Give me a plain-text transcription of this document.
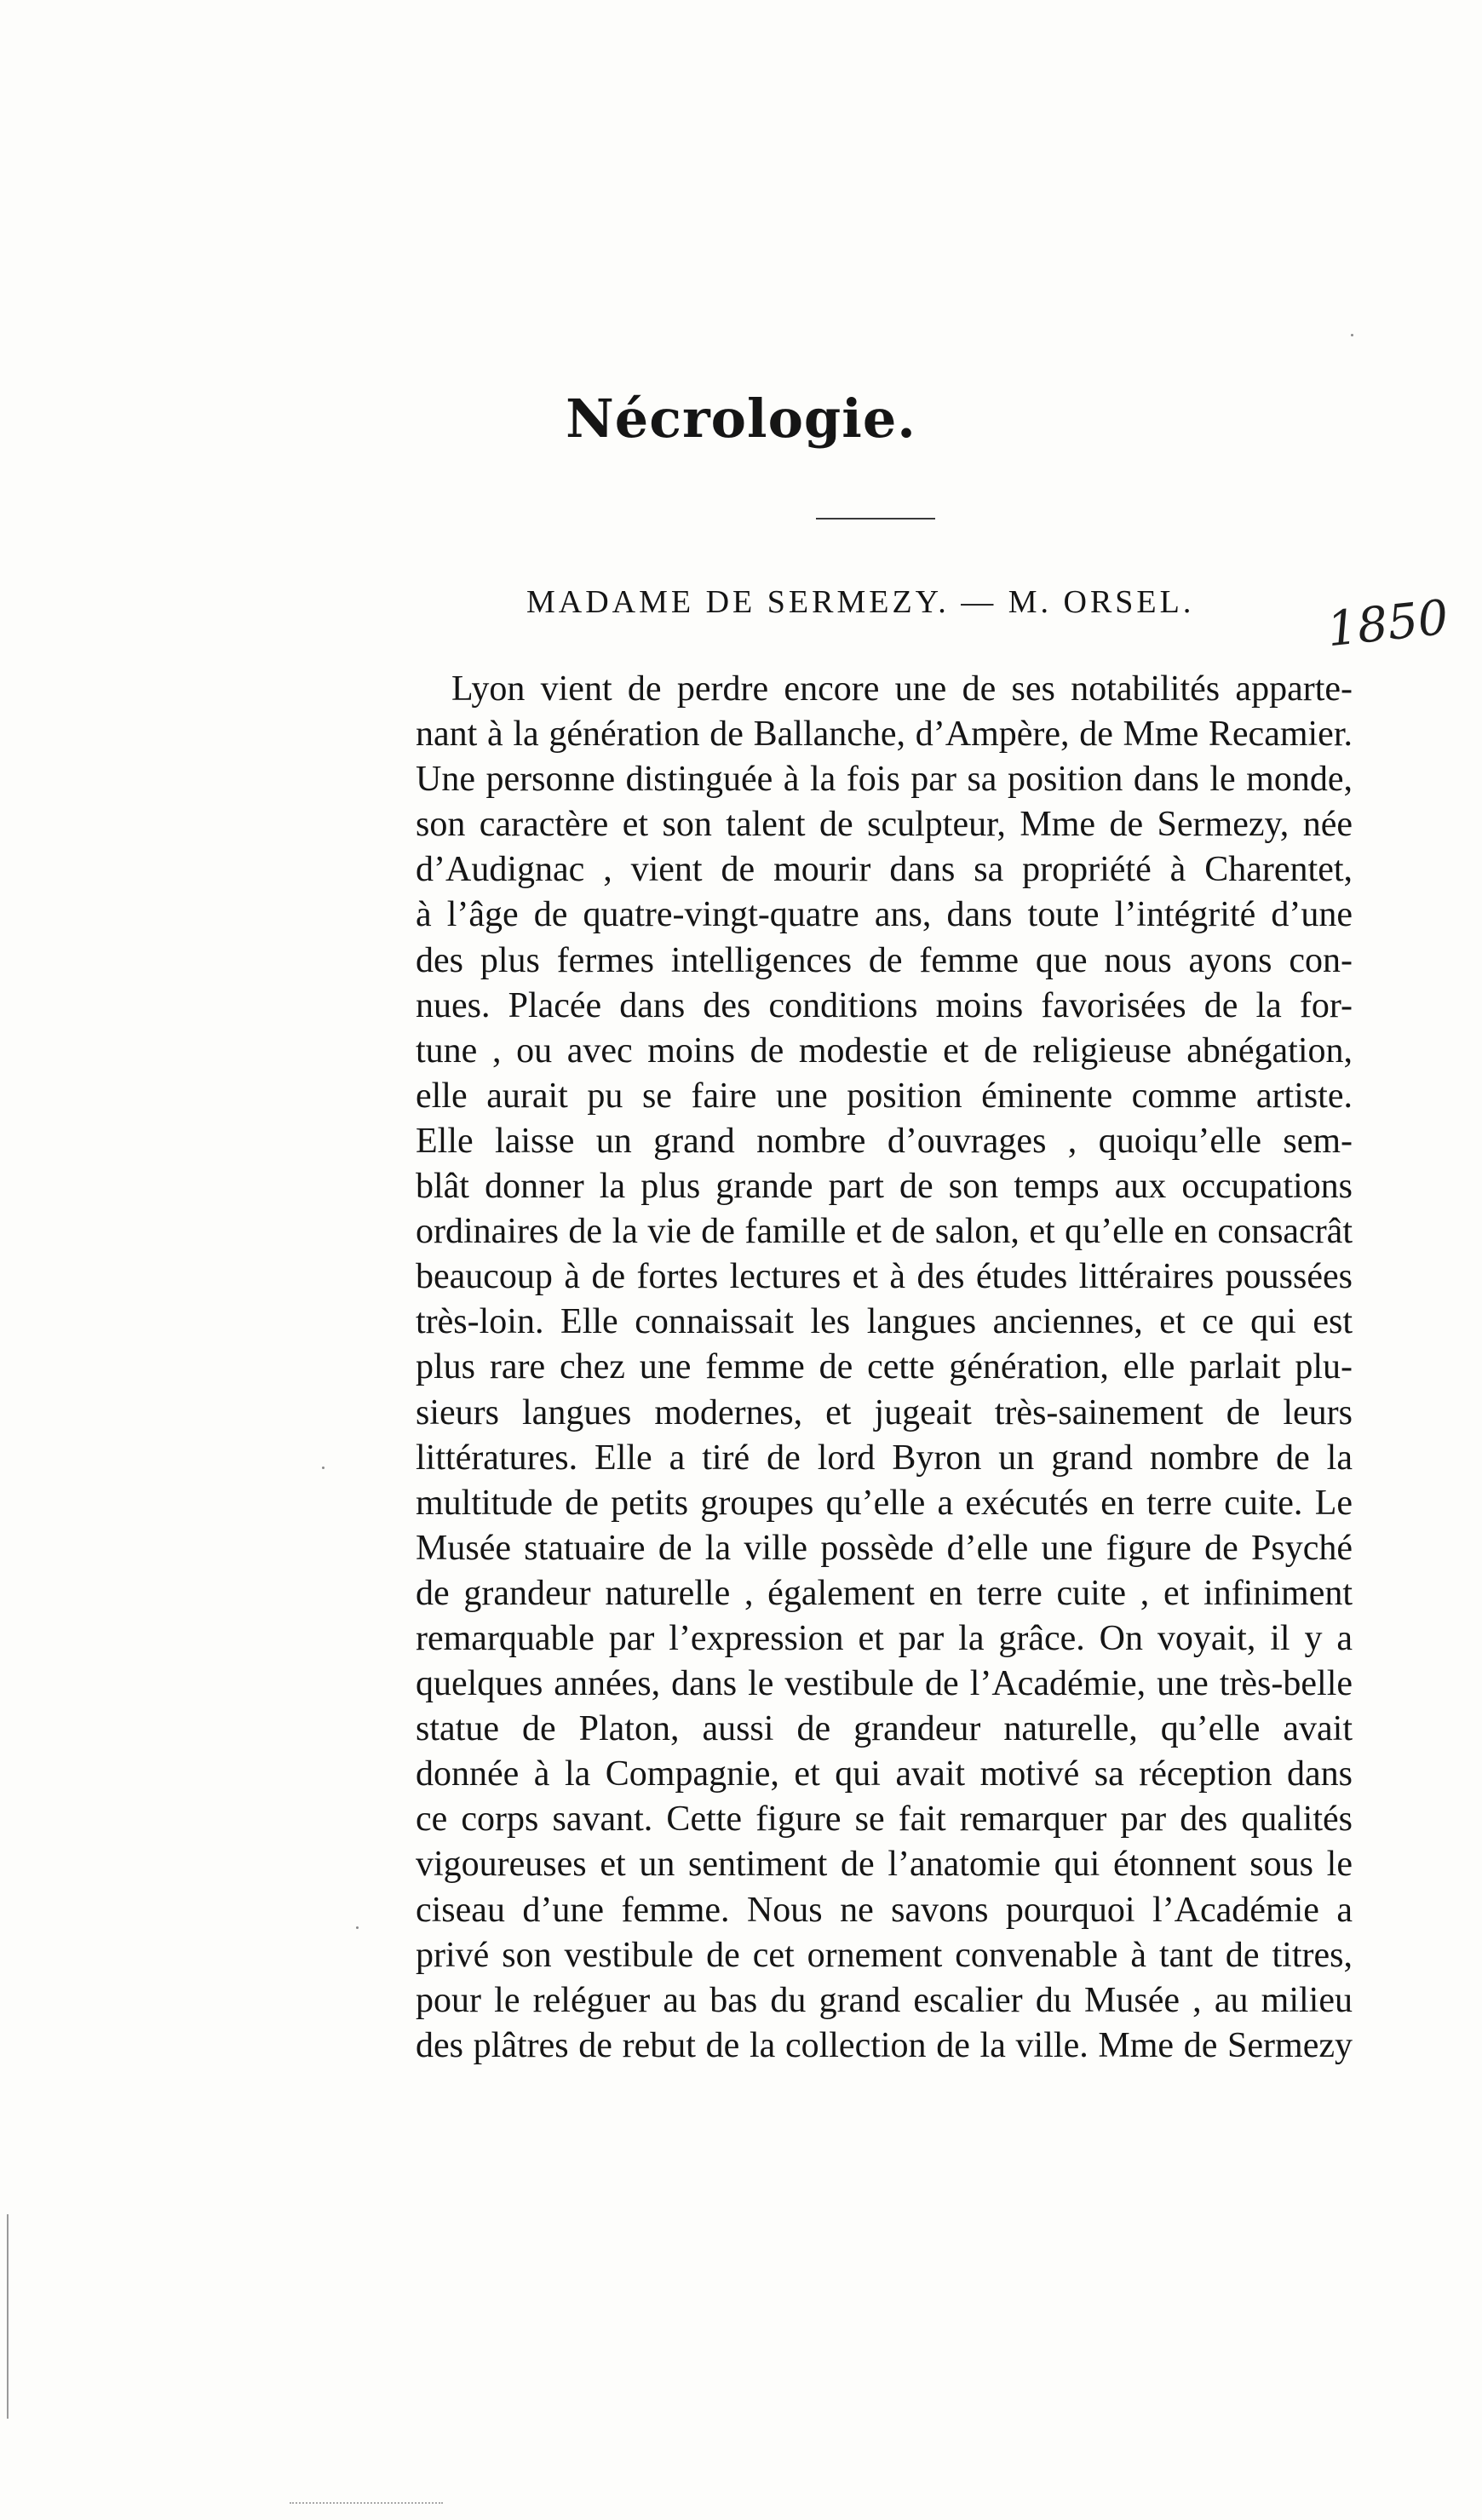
Nécrologie.
MADAME DE SERMEZY. — M. ORSEL.	1850
Lyon vient de perdre encore une de ses notabilités apparte-
nant à la génération de Ballanche, d’Ampère, de Mme Recamier.
Une personne distinguée à la fois par sa position dans le monde,
son caractère et son talent de sculpteur, Mme de Sermezy, née
d’Audignac , vient de mourir dans sa propriété à Charentet,
à l’âge de quatre-vingt-quatre ans, dans toute l’intégrité d’une
des plus fermes intelligences de femme que nous ayons con-
nues. Placée dans des conditions moins favorisées de la for-
tune , ou avec moins de modestie et de religieuse abnégation,
elle aurait pu se faire une position éminente comme artiste.
Elle laisse un grand nombre d’ouvrages , quoiqu’elle sem-
blât donner la plus grande part de son temps aux occupations
ordinaires de la vie de famille et de salon, et qu’elle en consacrât
beaucoup à de fortes lectures et à des études littéraires poussées
très-loin. Elle connaissait les langues anciennes, et ce qui est
plus rare chez une femme de cette génération, elle parlait plu-
sieurs langues modernes, et jugeait très-sainement de leurs
littératures. Elle a tiré de lord Byron un grand nombre de la
multitude de petits groupes qu’elle a exécutés en terre cuite. Le
Musée statuaire de la ville possède d’elle une figure de Psyché
de grandeur naturelle , également en terre cuite , et infiniment
remarquable par l’expression et par la grâce. On voyait, il y a
quelques années, dans le vestibule de l’Académie, une très-belle
statue de Platon, aussi de grandeur naturelle, qu’elle avait
donnée à la Compagnie, et qui avait motivé sa réception dans
ce corps savant. Cette figure se fait remarquer par des qualités
vigoureuses et un sentiment de l’anatomie qui étonnent sous le
ciseau d’une femme. Nous ne savons pourquoi l’Académie a
privé son vestibule de cet ornement convenable à tant de titres,
pour le reléguer au bas du grand escalier du Musée , au milieu
des plâtres de rebut de la collection de la ville. Mme de Sermezy
